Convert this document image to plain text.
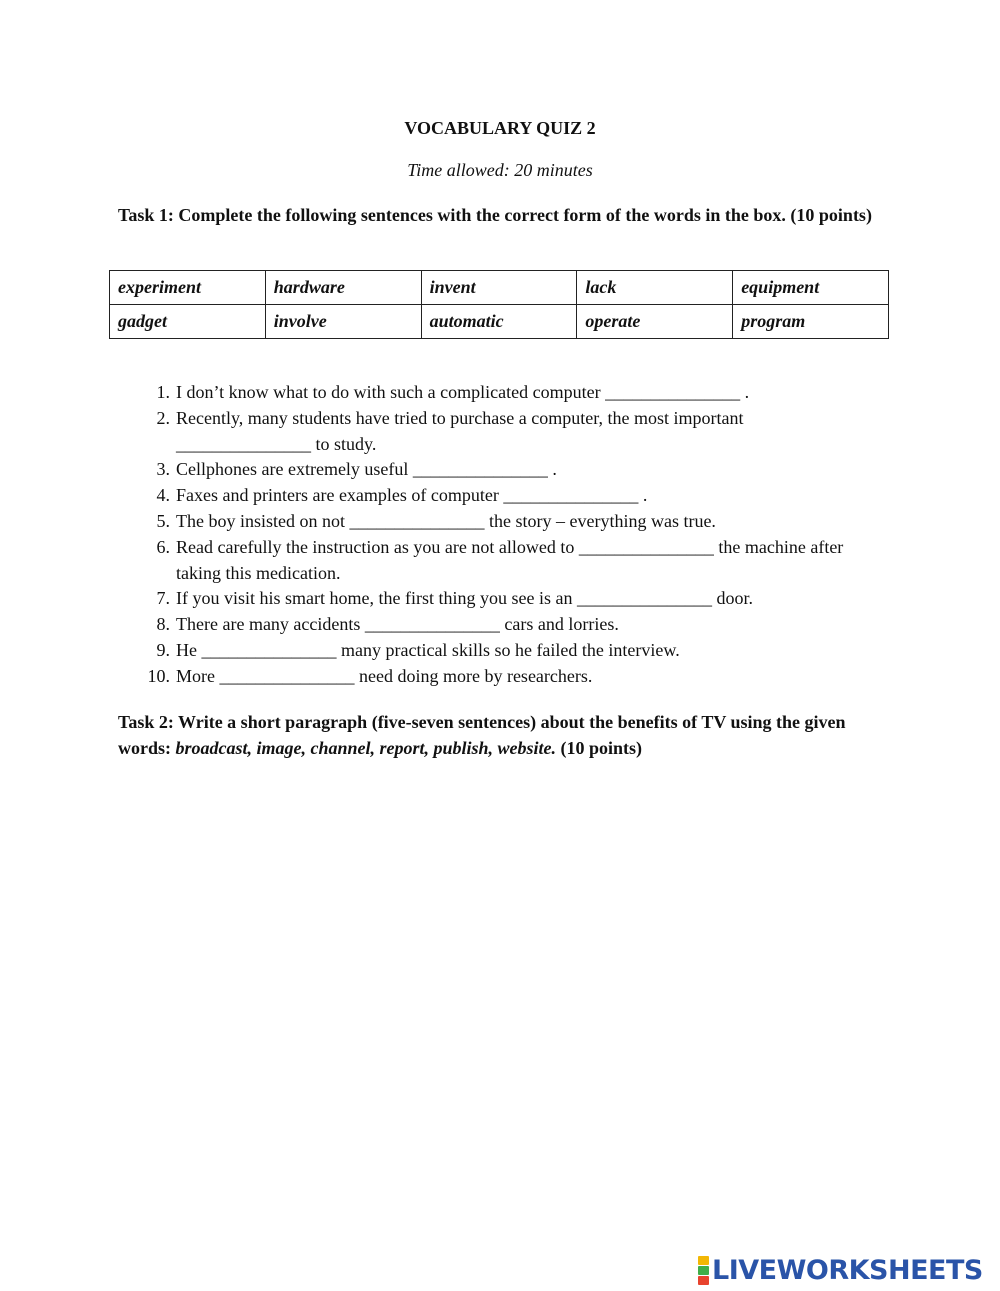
VOCABULARY QUIZ 2
Time allowed: 20 minutes
Task 1: Complete the following sentences with the correct form of the words in the box. (10 points)
experiment	hardware	invent	lack	equipment
gadget	involve	automatic	operate	program
1. I don’t know what to do with such a complicated computer _______________ .
2. Recently, many students have tried to purchase a computer, the most important _______________ to study.
3. Cellphones are extremely useful _______________ .
4. Faxes and printers are examples of computer _______________ .
5. The boy insisted on not _______________ the story – everything was true.
6. Read carefully the instruction as you are not allowed to _______________ the machine after taking this medication.
7. If you visit his smart home, the first thing you see is an _______________ door.
8. There are many accidents _______________ cars and lorries.
9. He _______________ many practical skills so he failed the interview.
10. More _______________ need doing more by researchers.
Task 2: Write a short paragraph (five-seven sentences) about the benefits of TV using the given words: broadcast, image, channel, report, publish, website. (10 points)
LIVEWORKSHEETS
